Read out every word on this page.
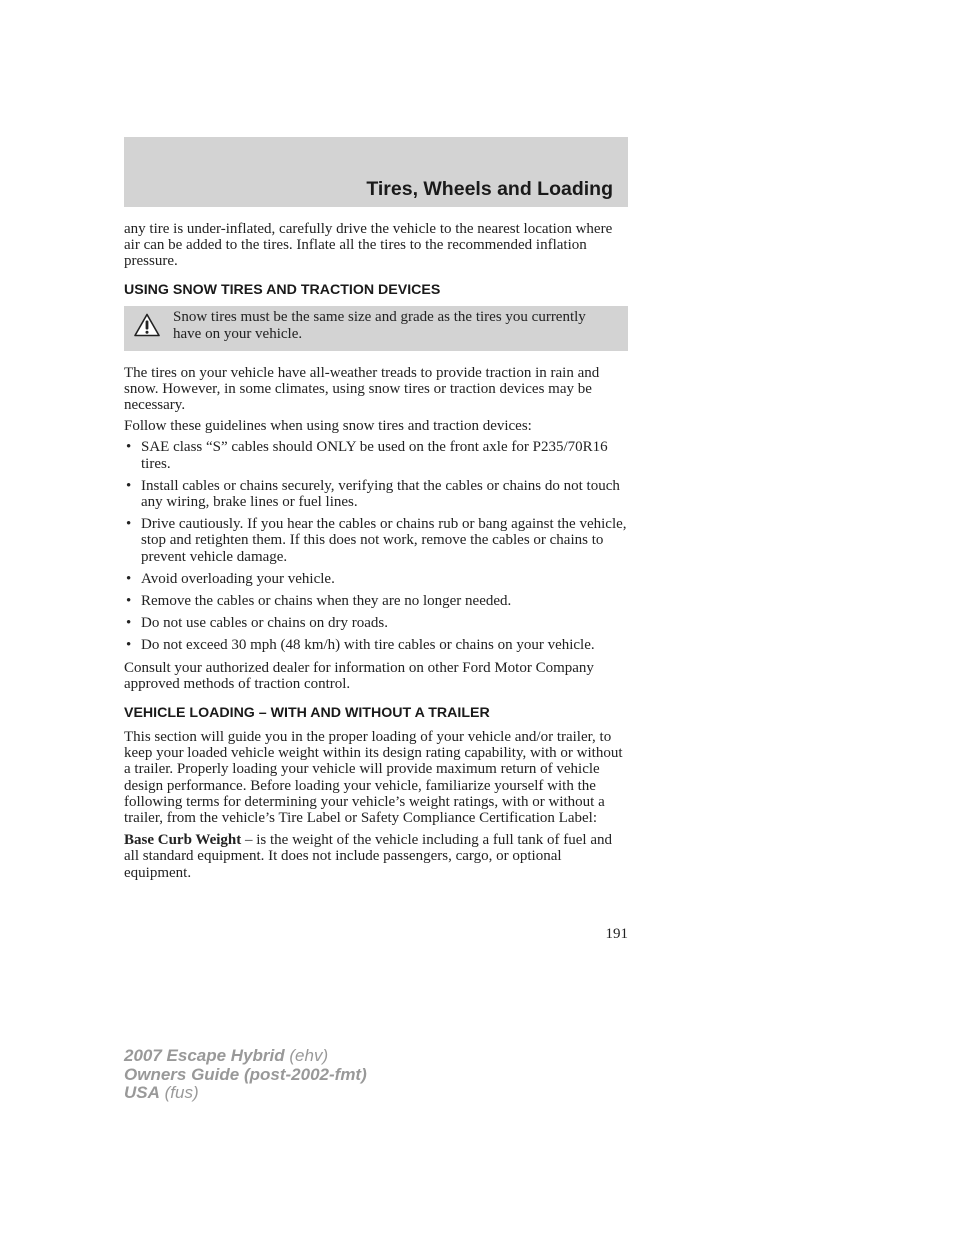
Tires, Wheels and Loading

any tire is under-inflated, carefully drive the vehicle to the nearest location where air can be added to the tires. Inflate all the tires to the recommended inflation pressure.

USING SNOW TIRES AND TRACTION DEVICES
Snow tires must be the same size and grade as the tires you currently have on your vehicle.

The tires on your vehicle have all-weather treads to provide traction in rain and snow. However, in some climates, using snow tires or traction devices may be necessary.

Follow these guidelines when using snow tires and traction devices:

• SAE class “S” cables should ONLY be used on the front axle for P235/70R16 tires.
• Install cables or chains securely, verifying that the cables or chains do not touch any wiring, brake lines or fuel lines.
• Drive cautiously. If you hear the cables or chains rub or bang against the vehicle, stop and retighten them. If this does not work, remove the cables or chains to prevent vehicle damage.
• Avoid overloading your vehicle.
• Remove the cables or chains when they are no longer needed.
• Do not use cables or chains on dry roads.
• Do not exceed 30 mph (48 km/h) with tire cables or chains on your vehicle.

Consult your authorized dealer for information on other Ford Motor Company approved methods of traction control.

VEHICLE LOADING – WITH AND WITHOUT A TRAILER

This section will guide you in the proper loading of your vehicle and/or trailer, to keep your loaded vehicle weight within its design rating capability, with or without a trailer. Properly loading your vehicle will provide maximum return of vehicle design performance. Before loading your vehicle, familiarize yourself with the following terms for determining your vehicle’s weight ratings, with or without a trailer, from the vehicle’s Tire Label or Safety Compliance Certification Label:

Base Curb Weight – is the weight of the vehicle including a full tank of fuel and all standard equipment. It does not include passengers, cargo, or optional equipment.

191
2007 Escape Hybrid (ehv)
Owners Guide (post-2002-fmt)
USA (fus)
